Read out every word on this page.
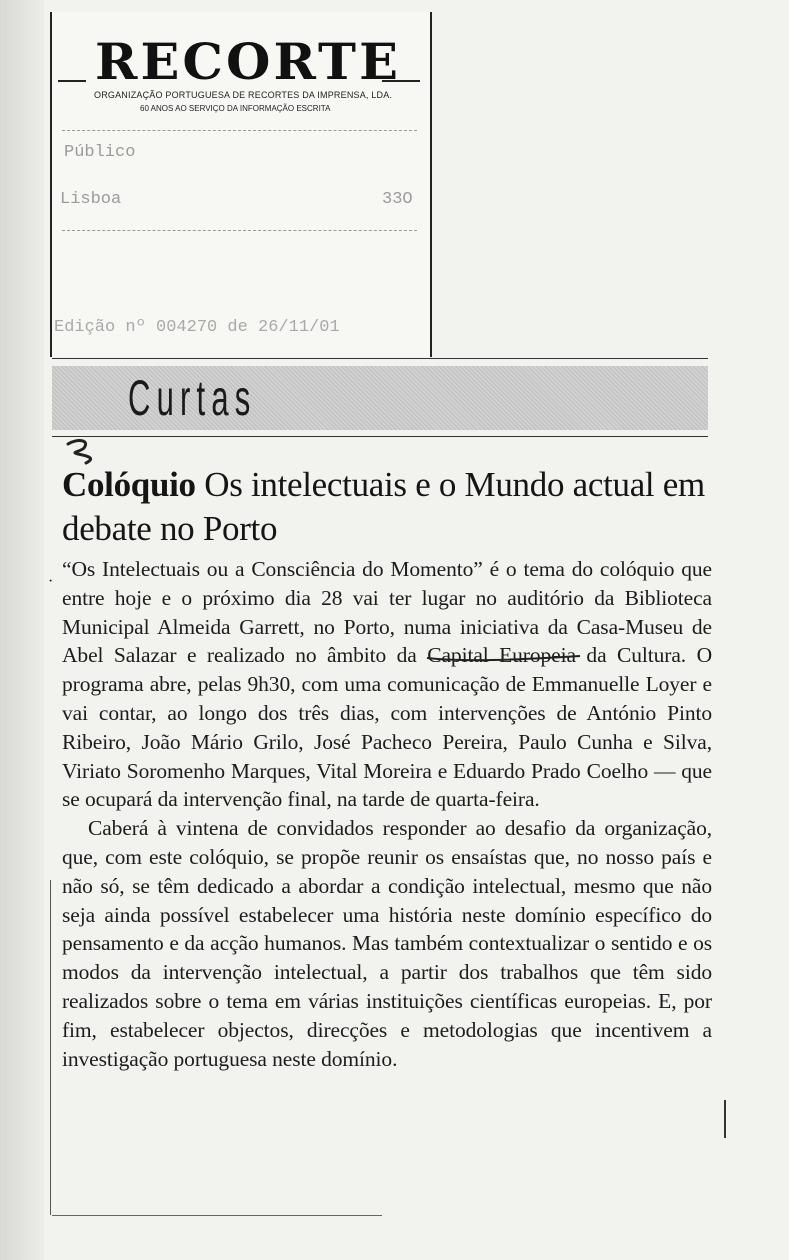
RECORTE
ORGANIZAÇÃO PORTUGUESA DE RECORTES DA IMPRENSA, LDA.
60 ANOS AO SERVIÇO DA INFORMAÇÃO ESCRITA
Público
Lisboa	33O
Edição nº 004270 de 26/11/01
Curtas
Colóquio Os intelectuais e o Mundo actual em debate no Porto
·

“Os Intelectuais ou a Consciência do Momento” é o tema do colóquio que entre hoje e o próximo dia 28 vai ter lugar no auditório da Biblioteca Municipal Almeida Garrett, no Porto, numa iniciativa da Casa-Museu de Abel Salazar e realizado no âmbito da Capital Europeia da Cultura. O programa abre, pelas 9h30, com uma comunicação de Emmanuelle Loyer e vai contar, ao longo dos três dias, com intervenções de António Pinto Ribeiro, João Mário Grilo, José Pacheco Pereira, Paulo Cunha e Silva, Viriato Soromenho Marques, Vital Moreira e Eduardo Prado Coelho — que se ocupará da intervenção final, na tarde de quarta-feira.

Caberá à vintena de convidados responder ao desafio da organização, que, com este colóquio, se propõe reunir os ensaístas que, no nosso país e não só, se têm dedicado a abordar a condição intelectual, mesmo que não seja ainda possível estabelecer uma história neste domínio específico do pensamento e da acção humanos. Mas também contextualizar o sentido e os modos da intervenção intelectual, a partir dos trabalhos que têm sido realizados sobre o tema em várias instituições científicas europeias. E, por fim, estabelecer objectos, direcções e metodologias que incentivem a investigação portuguesa neste domínio.
